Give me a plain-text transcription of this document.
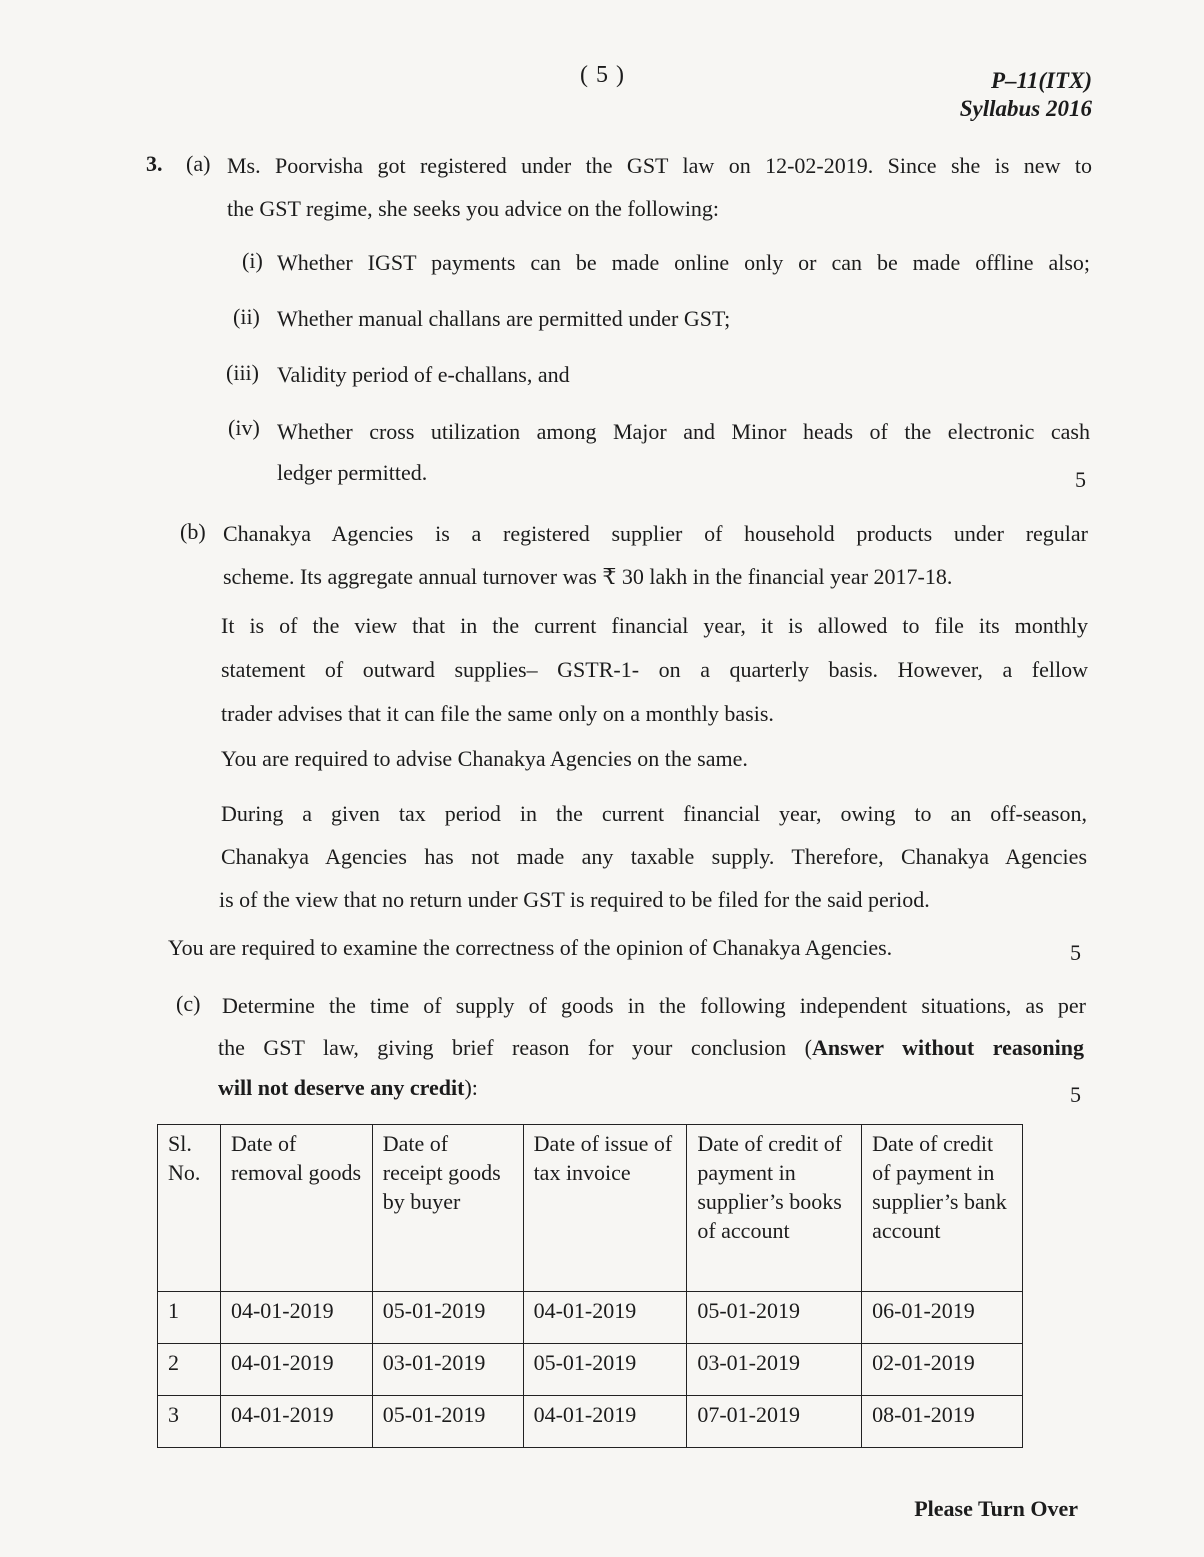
( 5 )	P–11(ITX)
Syllabus 2016
3. (a) Ms. Poorvisha got registered under the GST law on 12-02-2019. Since she is new to
the GST regime, she seeks you advice on the following:
(i) Whether IGST payments can be made online only or can be made offline also;
(ii) Whether manual challans are permitted under GST;
(iii) Validity period of e-challans, and
(iv) Whether cross utilization among Major and Minor heads of the electronic cash
ledger permitted.	5
(b) Chanakya Agencies is a registered supplier of household products under regular
scheme. Its aggregate annual turnover was ₹ 30 lakh in the financial year 2017-18.
It is of the view that in the current financial year, it is allowed to file its monthly
statement of outward supplies– GSTR-1- on a quarterly basis. However, a fellow
trader advises that it can file the same only on a monthly basis.
You are required to advise Chanakya Agencies on the same.
During a given tax period in the current financial year, owing to an off-season,
Chanakya Agencies has not made any taxable supply. Therefore, Chanakya Agencies
is of the view that no return under GST is required to be filed for the said period.
You are required to examine the correctness of the opinion of Chanakya Agencies.	5
(c) Determine the time of supply of goods in the following independent situations, as per
the GST law, giving brief reason for your conclusion (Answer without reasoning
will not deserve any credit):	5
Sl. No.	Date of removal goods	Date of receipt goods by buyer	Date of issue of tax invoice	Date of credit of payment in supplier’s books of account	Date of credit of payment in supplier’s bank account
1	04-01-2019	05-01-2019	04-01-2019	05-01-2019	06-01-2019
2	04-01-2019	03-01-2019	05-01-2019	03-01-2019	02-01-2019
3	04-01-2019	05-01-2019	04-01-2019	07-01-2019	08-01-2019
Please Turn Over
